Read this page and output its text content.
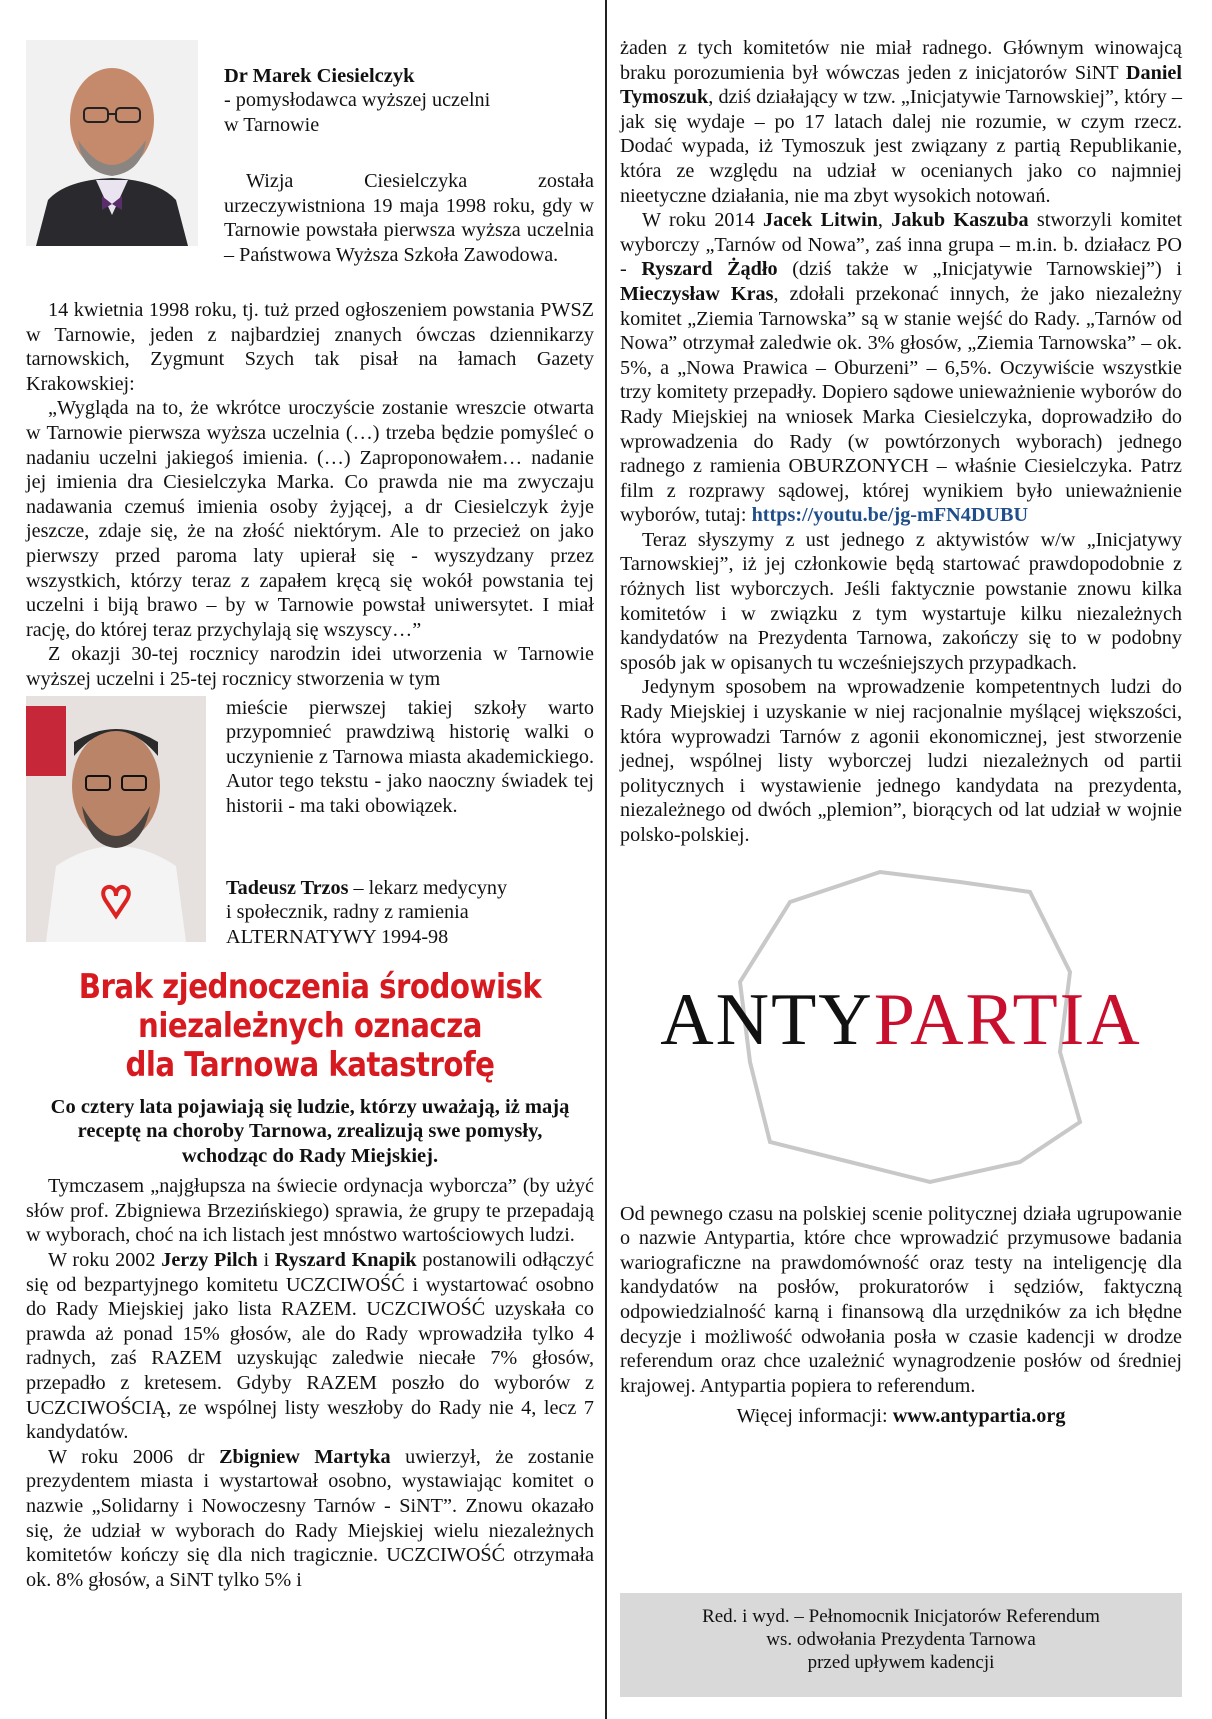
Dr Marek Ciesielczyk
- pomysłodawca wyższej uczelni
w Tarnowie

Wizja Ciesielczyka została urzeczywistniona 19 maja 1998 roku, gdy w Tarnowie powstała pierwsza wyższa uczelnia – Państwowa Wyższa Szkoła Zawodowa.

14 kwietnia 1998 roku, tj. tuż przed ogłoszeniem powstania PWSZ w Tarnowie, jeden z najbardziej znanych ówczas dziennikarzy tarnowskich, Zygmunt Szych tak pisał na łamach Gazety Krakowskiej:

„Wygląda na to, że wkrótce uroczyście zostanie wreszcie otwarta w Tarnowie pierwsza wyższa uczelnia (…) trzeba będzie pomyśleć o nadaniu uczelni jakiegoś imienia. (…) Zaproponowałem… nadanie jej imienia dra Ciesielczyka Marka. Co prawda nie ma zwyczaju nadawania czemuś imienia osoby żyjącej, a dr Ciesielczyk żyje jeszcze, zdaje się, że na złość niektórym. Ale to przecież on jako pierwszy przed paroma laty upierał się - wyszydzany przez wszystkich, którzy teraz z zapałem kręcą się wokół powstania tej uczelni i biją brawo – by w Tarnowie powstał uniwersytet. I miał rację, do której teraz przychylają się wszyscy…”

Z okazji 30-tej rocznicy narodzin idei utworzenia w Tarnowie wyższej uczelni i 25-tej rocznicy stworzenia w tym

mieście pierwszej takiej szkoły warto przypomnieć prawdziwą historię walki o uczynienie z Tarnowa miasta akademickiego. Autor tego tekstu - jako naoczny świadek tej historii - ma taki obowiązek.

Tadeusz Trzos – lekarz medycyny
i społecznik, radny z ramienia
ALTERNATYWY 1994-98
Brak zjednoczenia środowisk
niezależnych oznacza
dla Tarnowa katastrofę

Co cztery lata pojawiają się ludzie, którzy uważają, iż mają receptę na choroby Tarnowa, zrealizują swe pomysły, wchodząc do Rady Miejskiej.

Tymczasem „najgłupsza na świecie ordynacja wyborcza” (by użyć słów prof. Zbigniewa Brzezińskiego) sprawia, że grupy te przepadają w wyborach, choć na ich listach jest mnóstwo wartościowych ludzi.

W roku 2002 Jerzy Pilch i Ryszard Knapik postanowili odłączyć się od bezpartyjnego komitetu UCZCIWOŚĆ i wystartować osobno do Rady Miejskiej jako lista RAZEM. UCZCIWOŚĆ uzyskała co prawda aż ponad 15% głosów, ale do Rady wprowadziła tylko 4 radnych, zaś RAZEM uzyskując zaledwie niecałe 7% głosów, przepadło z kretesem. Gdyby RAZEM poszło do wyborów z UCZCIWOŚCIĄ, ze wspólnej listy weszłoby do Rady nie 4, lecz 7 kandydatów.

W roku 2006 dr Zbigniew Martyka uwierzył, że zostanie prezydentem miasta i wystartował osobno, wystawiając komitet o nazwie „Solidarny i Nowoczesny Tarnów - SiNT”. Znowu okazało się, że udział w wyborach do Rady Miejskiej wielu niezależnych komitetów kończy się dla nich tragicznie. UCZCIWOŚĆ otrzymała ok. 8% głosów, a SiNT tylko 5% i

żaden z tych komitetów nie miał radnego. Głównym winowajcą braku porozumienia był wówczas jeden z inicjatorów SiNT Daniel Tymoszuk, dziś działający w tzw. „Inicjatywie Tarnowskiej”, który – jak się wydaje – po 17 latach dalej nie rozumie, w czym rzecz. Dodać wypada, iż Tymoszuk jest związany z partią Republikanie, która ze względu na udział w ocenianych jako co najmniej nieetyczne działania, nie ma zbyt wysokich notowań.

W roku 2014 Jacek Litwin, Jakub Kaszuba stworzyli komitet wyborczy „Tarnów od Nowa”, zaś inna grupa – m.in. b. działacz PO - Ryszard Żądło (dziś także w „Inicjatywie Tarnowskiej”) i Mieczysław Kras, zdołali przekonać innych, że jako niezależny komitet „Ziemia Tarnowska” są w stanie wejść do Rady. „Tarnów od Nowa” otrzymał zaledwie ok. 3% głosów, „Ziemia Tarnowska” – ok. 5%, a „Nowa Prawica – Oburzeni” – 6,5%. Oczywiście wszystkie trzy komitety przepadły. Dopiero sądowe unieważnienie wyborów do Rady Miejskiej na wniosek Marka Ciesielczyka, doprowadziło do wprowadzenia do Rady (w powtórzonych wyborach) jednego radnego z ramienia OBURZONYCH – właśnie Ciesielczyka. Patrz film z rozprawy sądowej, której wynikiem było unieważnienie wyborów, tutaj: https://youtu.be/jg-mFN4DUBU

Teraz słyszymy z ust jednego z aktywistów w/w „Inicjatywy Tarnowskiej”, iż jej członkowie będą startować prawdopodobnie z różnych list wyborczych. Jeśli faktycznie powstanie znowu kilka komitetów i w związku z tym wystartuje kilku niezależnych kandydatów na Prezydenta Tarnowa, zakończy się to w podobny sposób jak w opisanych tu wcześniejszych przypadkach.

Jedynym sposobem na wprowadzenie kompetentnych ludzi do Rady Miejskiej i uzyskanie w niej racjonalnie myślącej większości, która wyprowadzi Tarnów z agonii ekonomicznej, jest stworzenie jednej, wspólnej listy wyborczej ludzi niezależnych od partii politycznych i wystawienie jednego kandydata na prezydenta, niezależnego od dwóch „plemion”, biorących od lat udział w wojnie polsko-polskiej.

ANTYPARTIA

Od pewnego czasu na polskiej scenie politycznej działa ugrupowanie o nazwie Antypartia, które chce wprowadzić przymusowe badania wariograficzne na prawdomówność oraz testy na inteligencję dla kandydatów na posłów, prokuratorów i sędziów, faktyczną odpowiedzialność karną i finansową dla urzędników za ich błędne decyzje i możliwość odwołania posła w czasie kadencji w drodze referendum oraz chce uzależnić wynagrodzenie posłów od średniej krajowej. Antypartia popiera to referendum.

Więcej informacji: www.antypartia.org

Red. i wyd. – Pełnomocnik Inicjatorów Referendum
ws. odwołania Prezydenta Tarnowa
przed upływem kadencji
